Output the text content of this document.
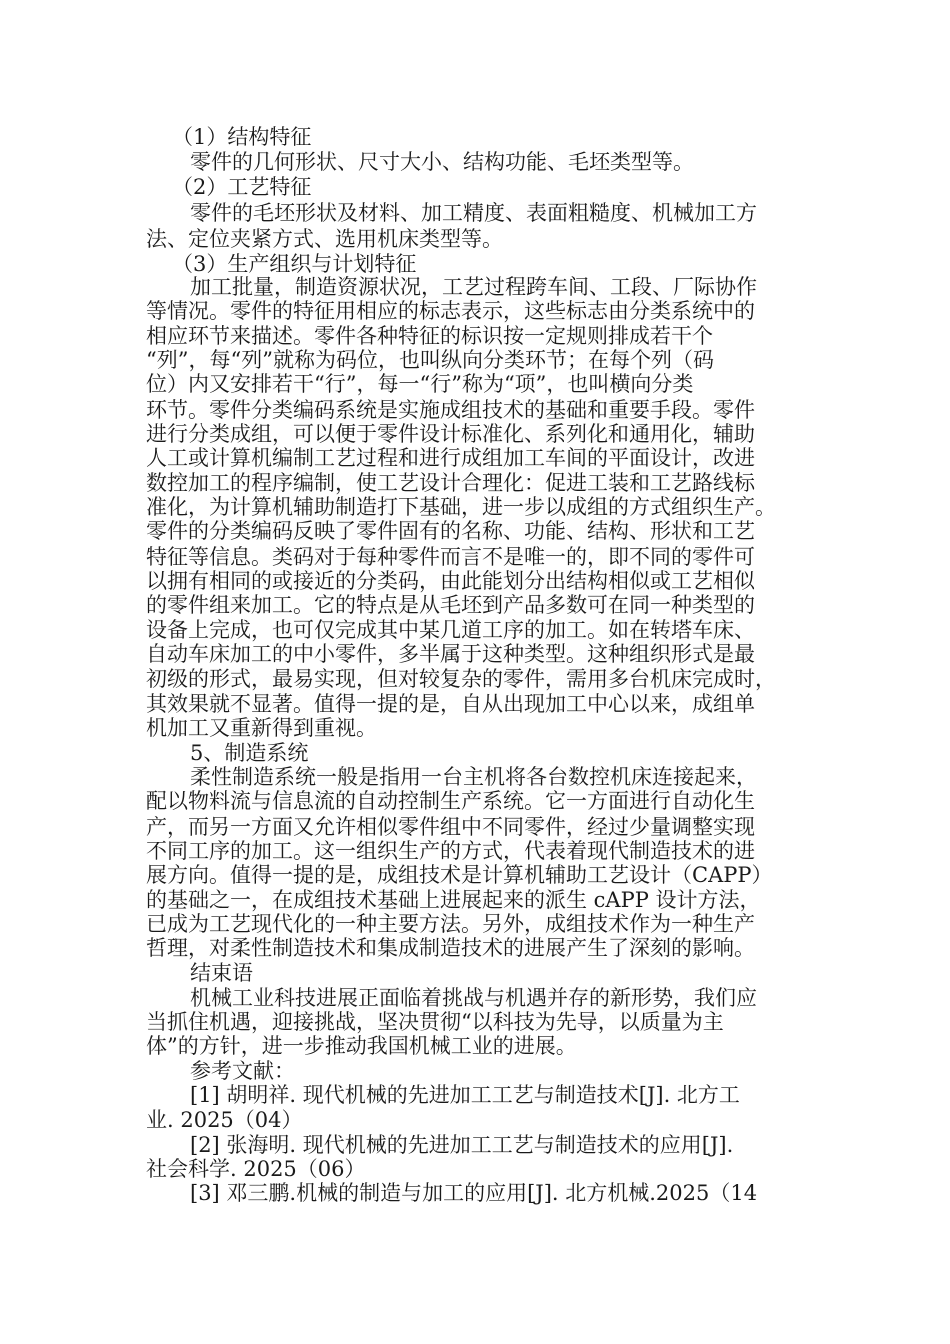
（1）结构特征
零件的几何形状、尺寸大小、结构功能、毛坯类型等。
（2）工艺特征
零件的毛坯形状及材料、加工精度、表面粗糙度、机械加工方
法、定位夹紧方式、选用机床类型等。
（3）生产组织与计划特征
加工批量，制造资源状况，工艺过程跨车间、工段、厂际协作
等情况。零件的特征用相应的标志表示，这些标志由分类系统中的
相应环节来描述。零件各种特征的标识按一定规则排成若干个
“列”，每“列”就称为码位，也叫纵向分类环节；在每个列（码
位）内又安排若干“行”，每一“行”称为“项”，也叫横向分类
环节。零件分类编码系统是实施成组技术的基础和重要手段。零件
进行分类成组，可以便于零件设计标准化、系列化和通用化，辅助
人工或计算机编制工艺过程和进行成组加工车间的平面设计，改进
数控加工的程序编制，使工艺设计合理化：促进工装和工艺路线标
准化，为计算机辅助制造打下基础，进一步以成组的方式组织生产。
零件的分类编码反映了零件固有的名称、功能、结构、形状和工艺
特征等信息。类码对于每种零件而言不是唯一的，即不同的零件可
以拥有相同的或接近的分类码，由此能划分出结构相似或工艺相似
的零件组来加工。它的特点是从毛坯到产品多数可在同一种类型的
设备上完成，也可仅完成其中某几道工序的加工。如在转塔车床、
自动车床加工的中小零件，多半属于这种类型。这种组织形式是最
初级的形式，最易实现，但对较复杂的零件，需用多台机床完成时，
其效果就不显著。值得一提的是，自从出现加工中心以来，成组单
机加工又重新得到重视。
5、制造系统
柔性制造系统一般是指用一台主机将各台数控机床连接起来，
配以物料流与信息流的自动控制生产系统。它一方面进行自动化生
产，而另一方面又允许相似零件组中不同零件，经过少量调整实现
不同工序的加工。这一组织生产的方式，代表着现代制造技术的进
展方向。值得一提的是，成组技术是计算机辅助工艺设计（CAPP）
的基础之一，在成组技术基础上进展起来的派生 cAPP 设计方法，
已成为工艺现代化的一种主要方法。另外，成组技术作为一种生产
哲理，对柔性制造技术和集成制造技术的进展产生了深刻的影响。
结束语
机械工业科技进展正面临着挑战与机遇并存的新形势，我们应
当抓住机遇，迎接挑战，坚决贯彻“以科技为先导，以质量为主
体”的方针，进一步推动我国机械工业的进展。
参考文献：
[1] 胡明祥. 现代机械的先进加工工艺与制造技术[J]. 北方工
业. 2025（04）
[2] 张海明. 现代机械的先进加工工艺与制造技术的应用[J].
社会科学. 2025（06）
[3] 邓三鹏.机械的制造与加工的应用[J]. 北方机械.2025（14
